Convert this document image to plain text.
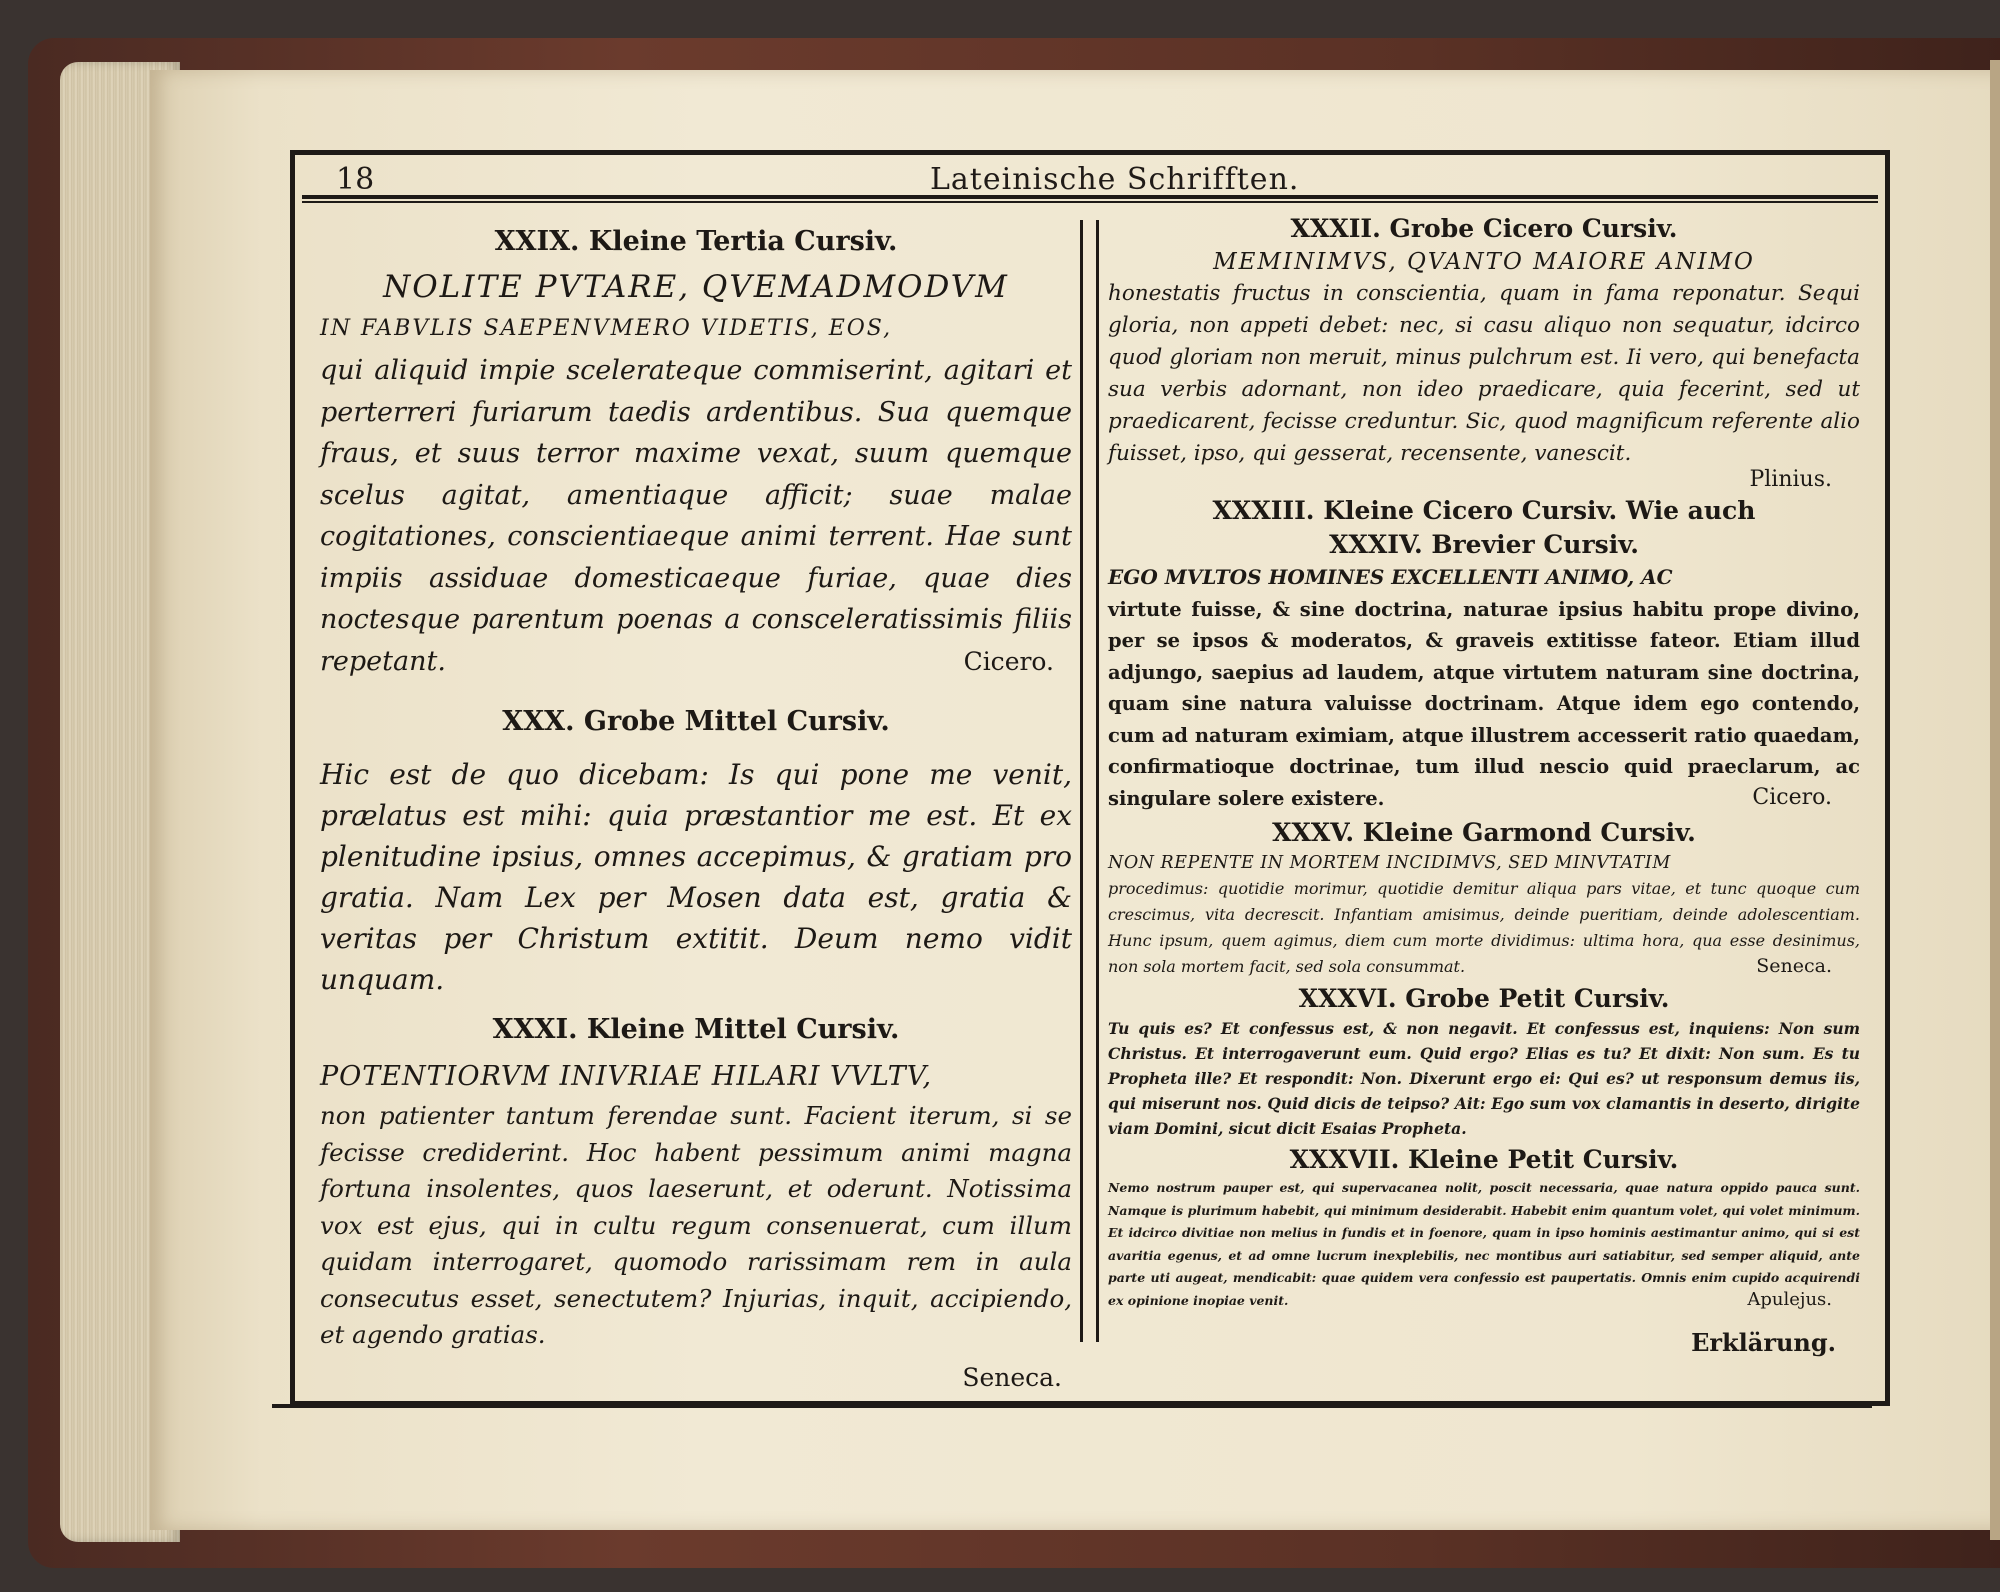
18	Lateinische Schrifften.
XXIX. Kleine Tertia Cursiv.
NOLITE PVTARE, QVEMADMODVM
IN FABVLIS SAEPENVMERO VIDETIS, EOS,
qui aliquid impie scelerateque commiserint, agitari et perterreri furiarum taedis ardentibus. Sua quemque fraus, et suus terror maxime vexat, suum quemque scelus agitat, amentiaque afficit; suae malae cogitationes, conscientiaeque animi terrent. Hae sunt impiis assiduae domesticaeque furiae, quae dies noctesque parentum poenas a consceleratissimis filiis repetant.	Cicero.
XXX. Grobe Mittel Cursiv.
Hic est de quo dicebam: Is qui pone me venit, prælatus est mihi: quia præstantior me est. Et ex plenitudine ipsius, omnes accepimus, & gratiam pro gratia. Nam Lex per Mosen data est, gratia & veritas per Christum extitit. Deum nemo vidit unquam.
XXXI. Kleine Mittel Cursiv.
POTENTIORVM INIVRIAE HILARI VVLTV,
non patienter tantum ferendae sunt. Facient iterum, si se fecisse crediderint. Hoc habent pessimum animi magna fortuna insolentes, quos laeserunt, et oderunt. Notissima vox est ejus, qui in cultu regum consenuerat, cum illum quidam interrogaret, quomodo rarissimam rem in aula consecutus esset, senectutem? Injurias, inquit, accipiendo, et agendo gratias.
Seneca.
XXXII. Grobe Cicero Cursiv.
MEMINIMVS, QVANTO MAIORE ANIMO
honestatis fructus in conscientia, quam in fama reponatur. Sequi gloria, non appeti debet: nec, si casu aliquo non sequatur, idcirco quod gloriam non meruit, minus pulchrum est. Ii vero, qui benefacta sua verbis adornant, non ideo praedicare, quia fecerint, sed ut praedicarent, fecisse creduntur. Sic, quod magnificum referente alio fuisset, ipso, qui gesserat, recensente, vanescit.
Plinius.
XXXIII. Kleine Cicero Cursiv. Wie auch
XXXIV. Brevier Cursiv.
EGO MVLTOS HOMINES EXCELLENTI ANIMO, AC
virtute fuisse, & sine doctrina, naturae ipsius habitu prope divino, per se ipsos & moderatos, & graveis extitisse fateor. Etiam illud adjungo, saepius ad laudem, atque virtutem naturam sine doctrina, quam sine natura valuisse doctrinam. Atque idem ego contendo, cum ad naturam eximiam, atque illustrem accesserit ratio quaedam, confirmatioque doctrinae, tum illud nescio quid praeclarum, ac singulare solere existere.	Cicero.
XXXV. Kleine Garmond Cursiv.
NON REPENTE IN MORTEM INCIDIMVS, SED MINVTATIM
procedimus: quotidie morimur, quotidie demitur aliqua pars vitae, et tunc quoque cum crescimus, vita decrescit. Infantiam amisimus, deinde pueritiam, deinde adolescentiam. Hunc ipsum, quem agimus, diem cum morte dividimus: ultima hora, qua esse desinimus, non sola mortem facit, sed sola consummat.	Seneca.
XXXVI. Grobe Petit Cursiv.
Tu quis es? Et confessus est, & non negavit. Et confessus est, inquiens: Non sum Christus. Et interrogaverunt eum. Quid ergo? Elias es tu? Et dixit: Non sum. Es tu Propheta ille? Et respondit: Non. Dixerunt ergo ei: Qui es? ut responsum demus iis, qui miserunt nos. Quid dicis de teipso? Ait: Ego sum vox clamantis in deserto, dirigite viam Domini, sicut dicit Esaias Propheta.
XXXVII. Kleine Petit Cursiv.
Nemo nostrum pauper est, qui supervacanea nolit, poscit necessaria, quae natura oppido pauca sunt. Namque is plurimum habebit, qui minimum desiderabit. Habebit enim quantum volet, qui volet minimum. Et idcirco divitiae non melius in fundis et in foenore, quam in ipso hominis aestimantur animo, qui si est avaritia egenus, et ad omne lucrum inexplebilis, nec montibus auri satiabitur, sed semper aliquid, ante parte uti augeat, mendicabit: quae quidem vera confessio est paupertatis. Omnis enim cupido acquirendi ex opinione inopiae venit.	Apulejus.
Erklärung.
